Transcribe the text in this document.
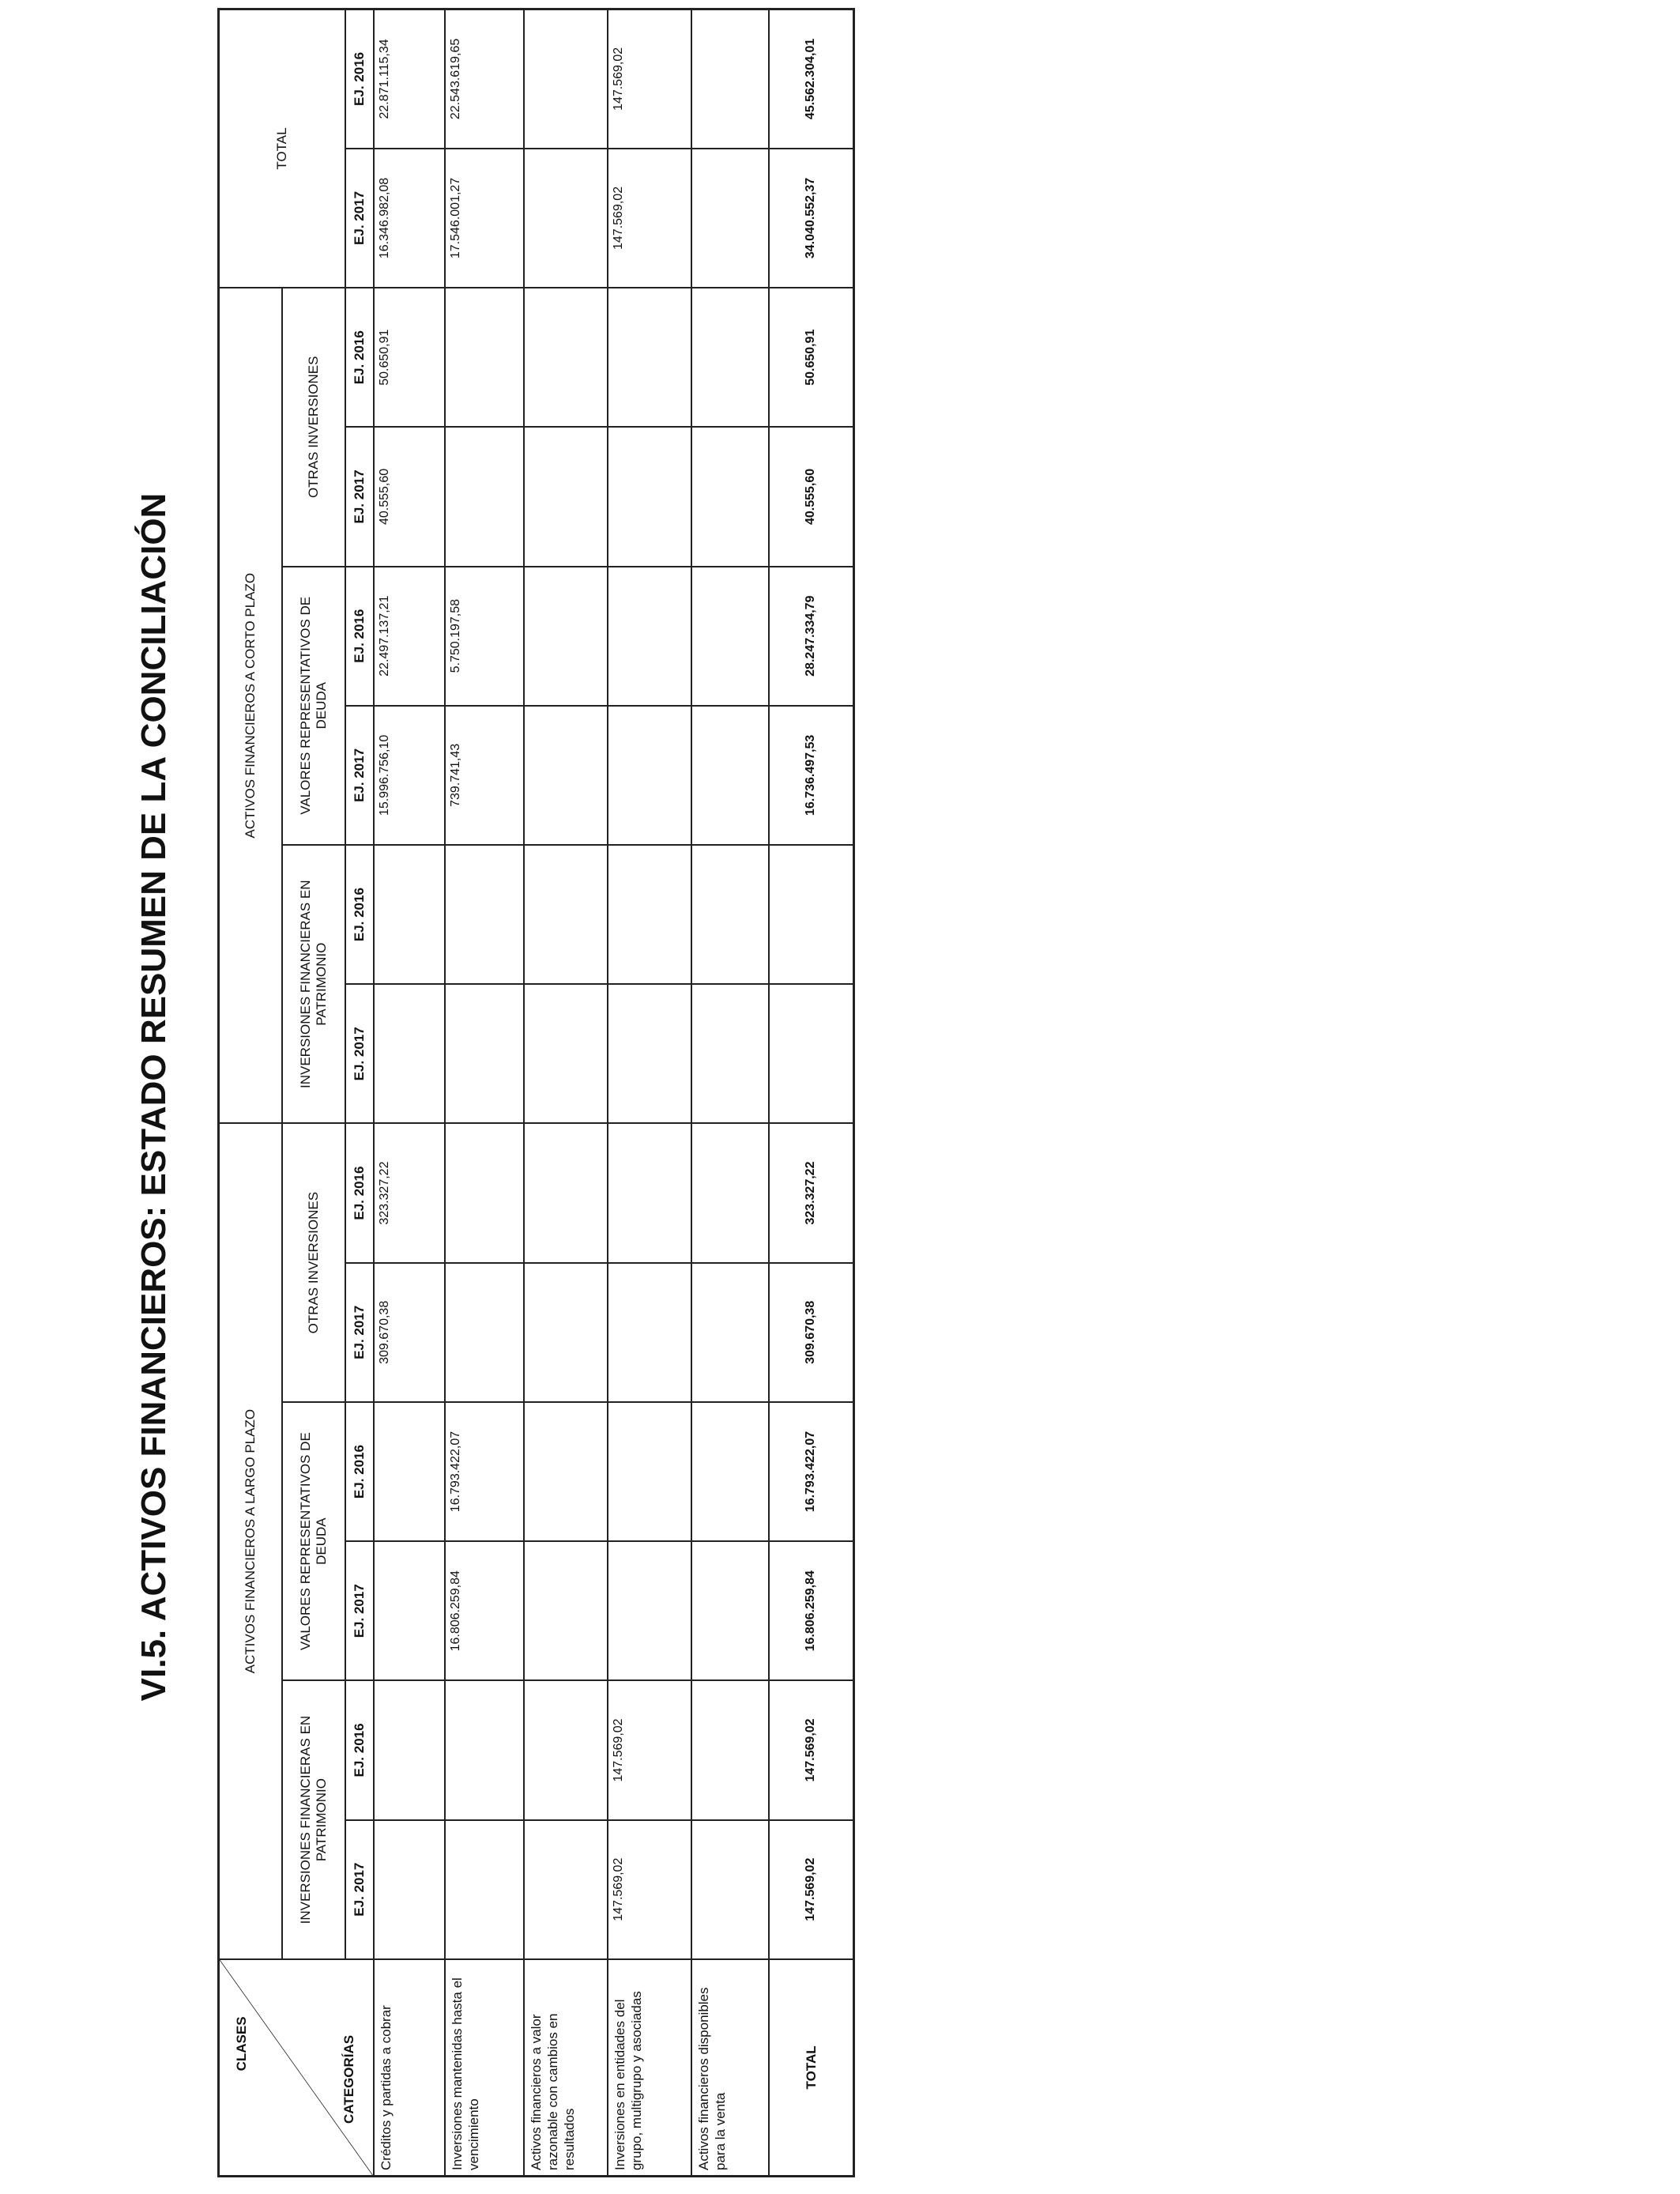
VI.5. ACTIVOS FINANCIEROS: ESTADO RESUMEN DE LA CONCILIACIÓN
CLASES CATEGORÍAS	ACTIVOS FINANCIEROS A LARGO PLAZO						ACTIVOS FINANCIEROS A CORTO PLAZO						TOTAL	
	INVERSIONES FINANCIERAS EN PATRIMONIO		VALORES REPRESENTATIVOS DE DEUDA		OTRAS INVERSIONES		INVERSIONES FINANCIERAS EN PATRIMONIO		VALORES REPRESENTATIVOS DE DEUDA		OTRAS INVERSIONES			
	EJ. 2017	EJ. 2016	EJ. 2017	EJ. 2016	EJ. 2017	EJ. 2016	EJ. 2017	EJ. 2016	EJ. 2017	EJ. 2016	EJ. 2017	EJ. 2016	EJ. 2017	EJ. 2016
Créditos y partidas a cobrar					309.670,38	323.327,22			15.996.756,10	22.497.137,21	40.555,60	50.650,91	16.346.982,08	22.871.115,34
Inversiones mantenidas hasta el vencimiento			16.806.259,84	16.793.422,07					739.741,43	5.750.197,58			17.546.001,27	22.543.619,65
Activos financieros a valor razonable con cambios en resultados														
Inversiones en entidades del grupo, multigrupo y asociadas	147.569,02	147.569,02											147.569,02	147.569,02
Activos financieros disponibles para la venta														
TOTAL	147.569,02	147.569,02	16.806.259,84	16.793.422,07	309.670,38	323.327,22			16.736.497,53	28.247.334,79	40.555,60	50.650,91	34.040.552,37	45.562.304,01
